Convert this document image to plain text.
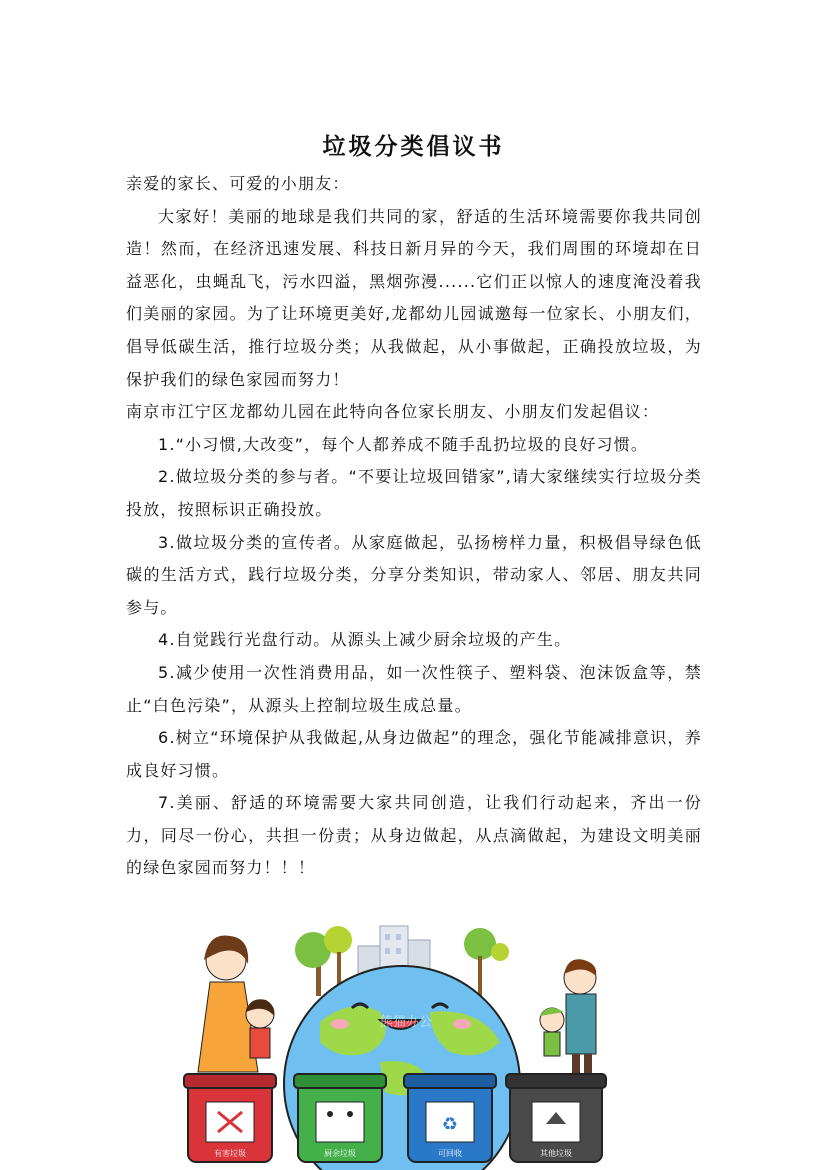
垃圾分类倡议书

亲爱的家长、可爱的小朋友：

大家好！美丽的地球是我们共同的家，舒适的生活环境需要你我共同创造！然而，在经济迅速发展、科技日新月异的今天，我们周围的环境却在日益恶化，虫蝇乱飞，污水四溢，黑烟弥漫......它们正以惊人的速度淹没着我们美丽的家园。为了让环境更美好,龙都幼儿园诚邀每一位家长、小朋友们，倡导低碳生活，推行垃圾分类；从我做起，从小事做起，正确投放垃圾，为保护我们的绿色家园而努力！

南京市江宁区龙都幼儿园在此特向各位家长朋友、小朋友们发起倡议：

1.“小习惯,大改变”，每个人都养成不随手乱扔垃圾的良好习惯。

2.做垃圾分类的参与者。“不要让垃圾回错家”,请大家继续实行垃圾分类投放，按照标识正确投放。

3.做垃圾分类的宣传者。从家庭做起，弘扬榜样力量，积极倡导绿色低碳的生活方式，践行垃圾分类，分享分类知识，带动家人、邻居、朋友共同参与。

4.自觉践行光盘行动。从源头上减少厨余垃圾的产生。

5.减少使用一次性消费用品，如一次性筷子、塑料袋、泡沫饭盒等，禁止“白色污染”，从源头上控制垃圾生成总量。

6.树立“环境保护从我做起,从身边做起”的理念，强化节能减排意识，养成良好习惯。

7.美丽、舒适的环境需要大家共同创造，让我们行动起来，齐出一份力，同尽一份心，共担一份责；从身边做起，从点滴做起，为建设文明美丽的绿色家园而努力！！！

有害垃圾	厨余垃圾
♻
可回收	其他垃圾
熊猫办公
